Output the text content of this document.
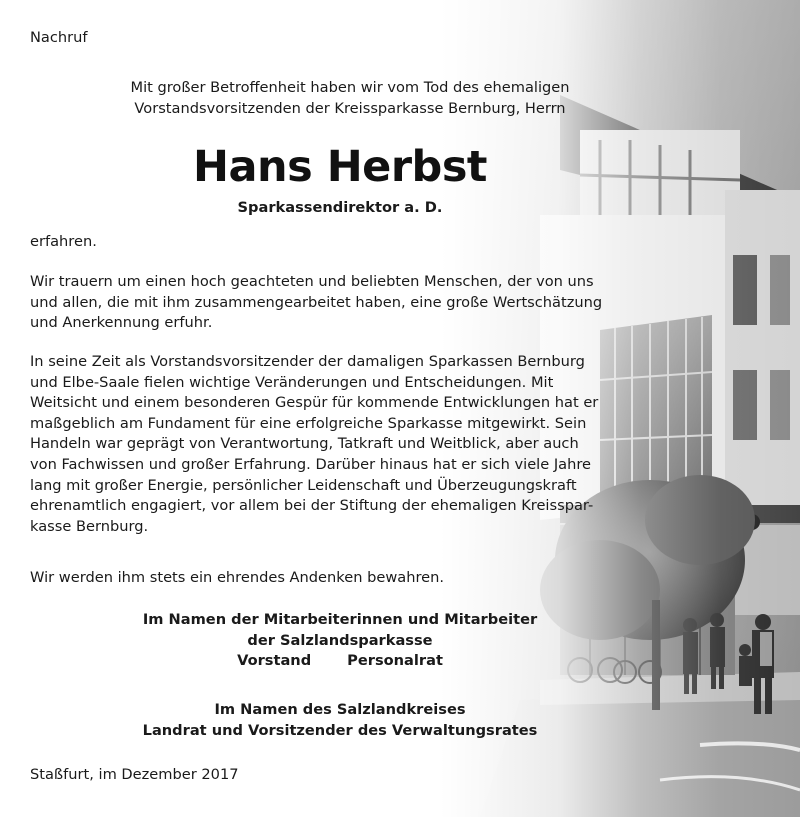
Nachruf

Mit großer Betroffenheit haben wir vom Tod des ehemaligen
Vorstandsvorsitzenden der Kreissparkasse Bernburg, Herrn
Hans Herbst

Sparkassendirektor a. D.

erfahren.

Wir trauern um einen hoch geachteten und beliebten Menschen, der von uns
und allen, die mit ihm zusammengearbeitet haben, eine große Wertschätzung
und Anerkennung erfuhr.
In seine Zeit als Vorstandsvorsitzender der damaligen Sparkassen Bernburg
und Elbe-Saale fielen wichtige Veränderungen und Entscheidungen. Mit
Weitsicht und einem besonderen Gespür für kommende Entwicklungen hat er
maßgeblich am Fundament für eine erfolgreiche Sparkasse mitgewirkt. Sein
Handeln war geprägt von Verantwortung, Tatkraft und Weitblick, aber auch
von Fachwissen und großer Erfahrung. Darüber hinaus hat er sich viele Jahre
lang mit großer Energie, persönlicher Leidenschaft und Überzeugungskraft
ehrenamtlich engagiert, vor allem bei der Stiftung der ehemaligen Kreisspar-
kasse Bernburg.

Wir werden ihm stets ein ehrendes Andenken bewahren.

Im Namen der Mitarbeiterinnen und Mitarbeiter
der Salzlandsparkasse
Vorstand Personalrat
Im Namen des Salzlandkreises
Landrat und Vorsitzender des Verwaltungsrates

Staßfurt, im Dezember 2017
